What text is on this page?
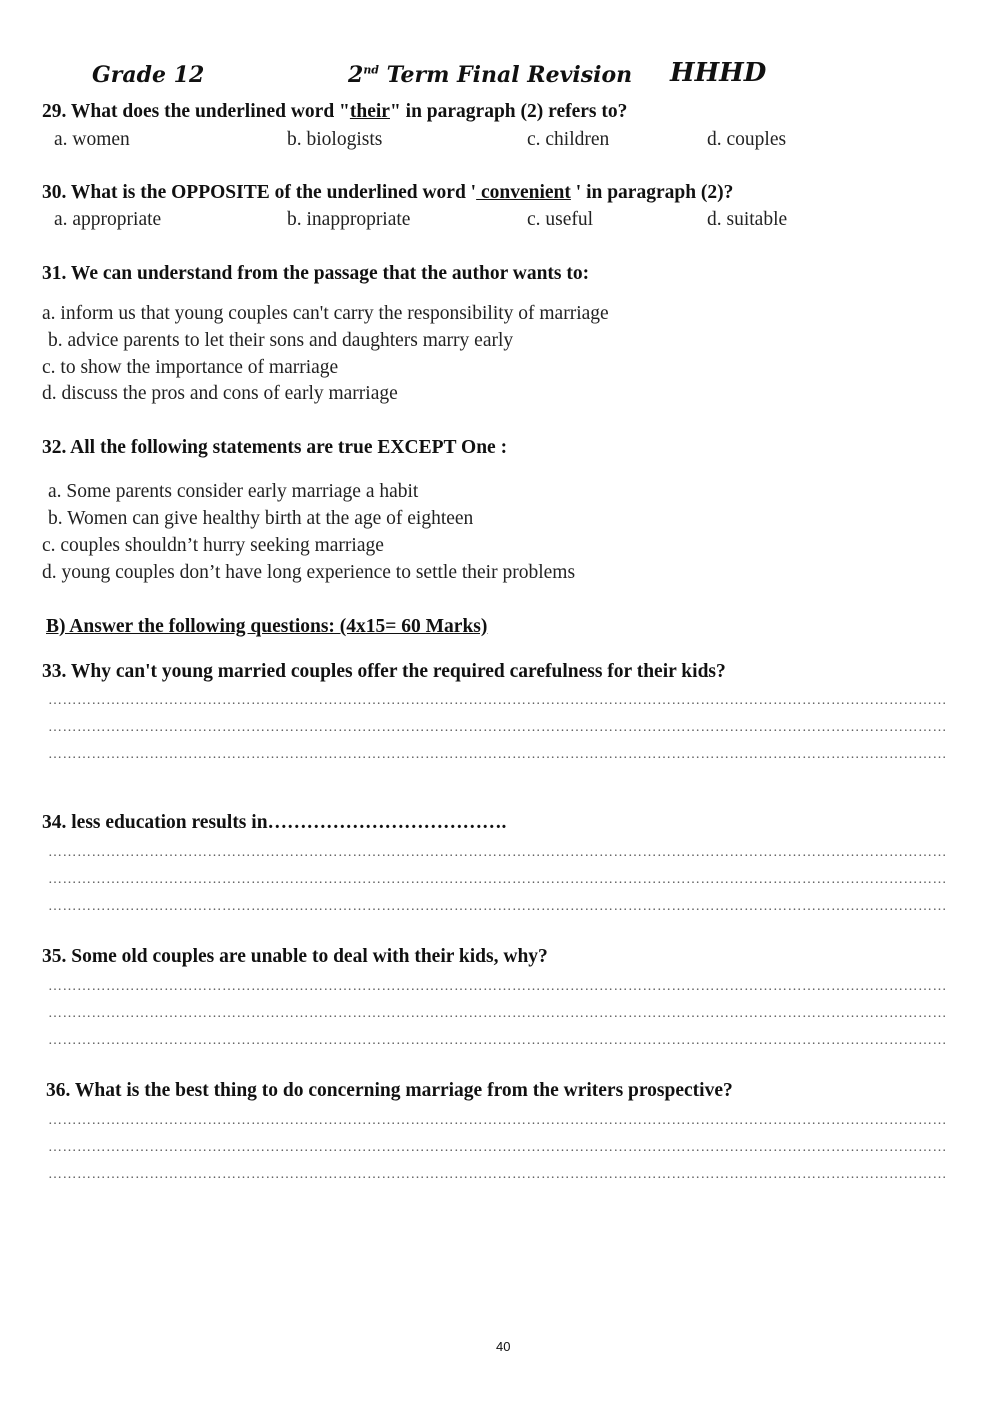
Grade 12	2nd Term Final Revision HHHD
29. What does the underlined word "their" in paragraph (2) refers to?
a. women	b. biologists	c. children	d. couples
30. What is the OPPOSITE of the underlined word ' convenient ' in paragraph (2)?
a. appropriate	b. inappropriate	c. useful	d. suitable
31. We can understand from the passage that the author wants to:
a. inform us that young couples can't carry the responsibility of marriage
b. advice parents to let their sons and daughters marry early
c. to show the importance of marriage
d. discuss the pros and cons of early marriage
32. All the following statements are true EXCEPT One :
a. Some parents consider early marriage a habit
b. Women can give healthy birth at the age of eighteen
c. couples shouldn’t hurry seeking marriage
d. young couples don’t have long experience to settle their problems
B) Answer the following questions: (4x15= 60 Marks)
33. Why can't young married couples offer the required carefulness for their kids?
……………………………………………………………………………………………………………………………………………………………………
……………………………………………………………………………………………………………………………………………………………………
……………………………………………………………………………………………………………………………………………………………………
34. less education results in……………………………….
……………………………………………………………………………………………………………………………………………………………………
……………………………………………………………………………………………………………………………………………………………………
……………………………………………………………………………………………………………………………………………………………………
35. Some old couples are unable to deal with their kids, why?
……………………………………………………………………………………………………………………………………………………………………
……………………………………………………………………………………………………………………………………………………………………
……………………………………………………………………………………………………………………………………………………………………
36. What is the best thing to do concerning marriage from the writers prospective?
……………………………………………………………………………………………………………………………………………………………………
……………………………………………………………………………………………………………………………………………………………………
……………………………………………………………………………………………………………………………………………………………………
40
